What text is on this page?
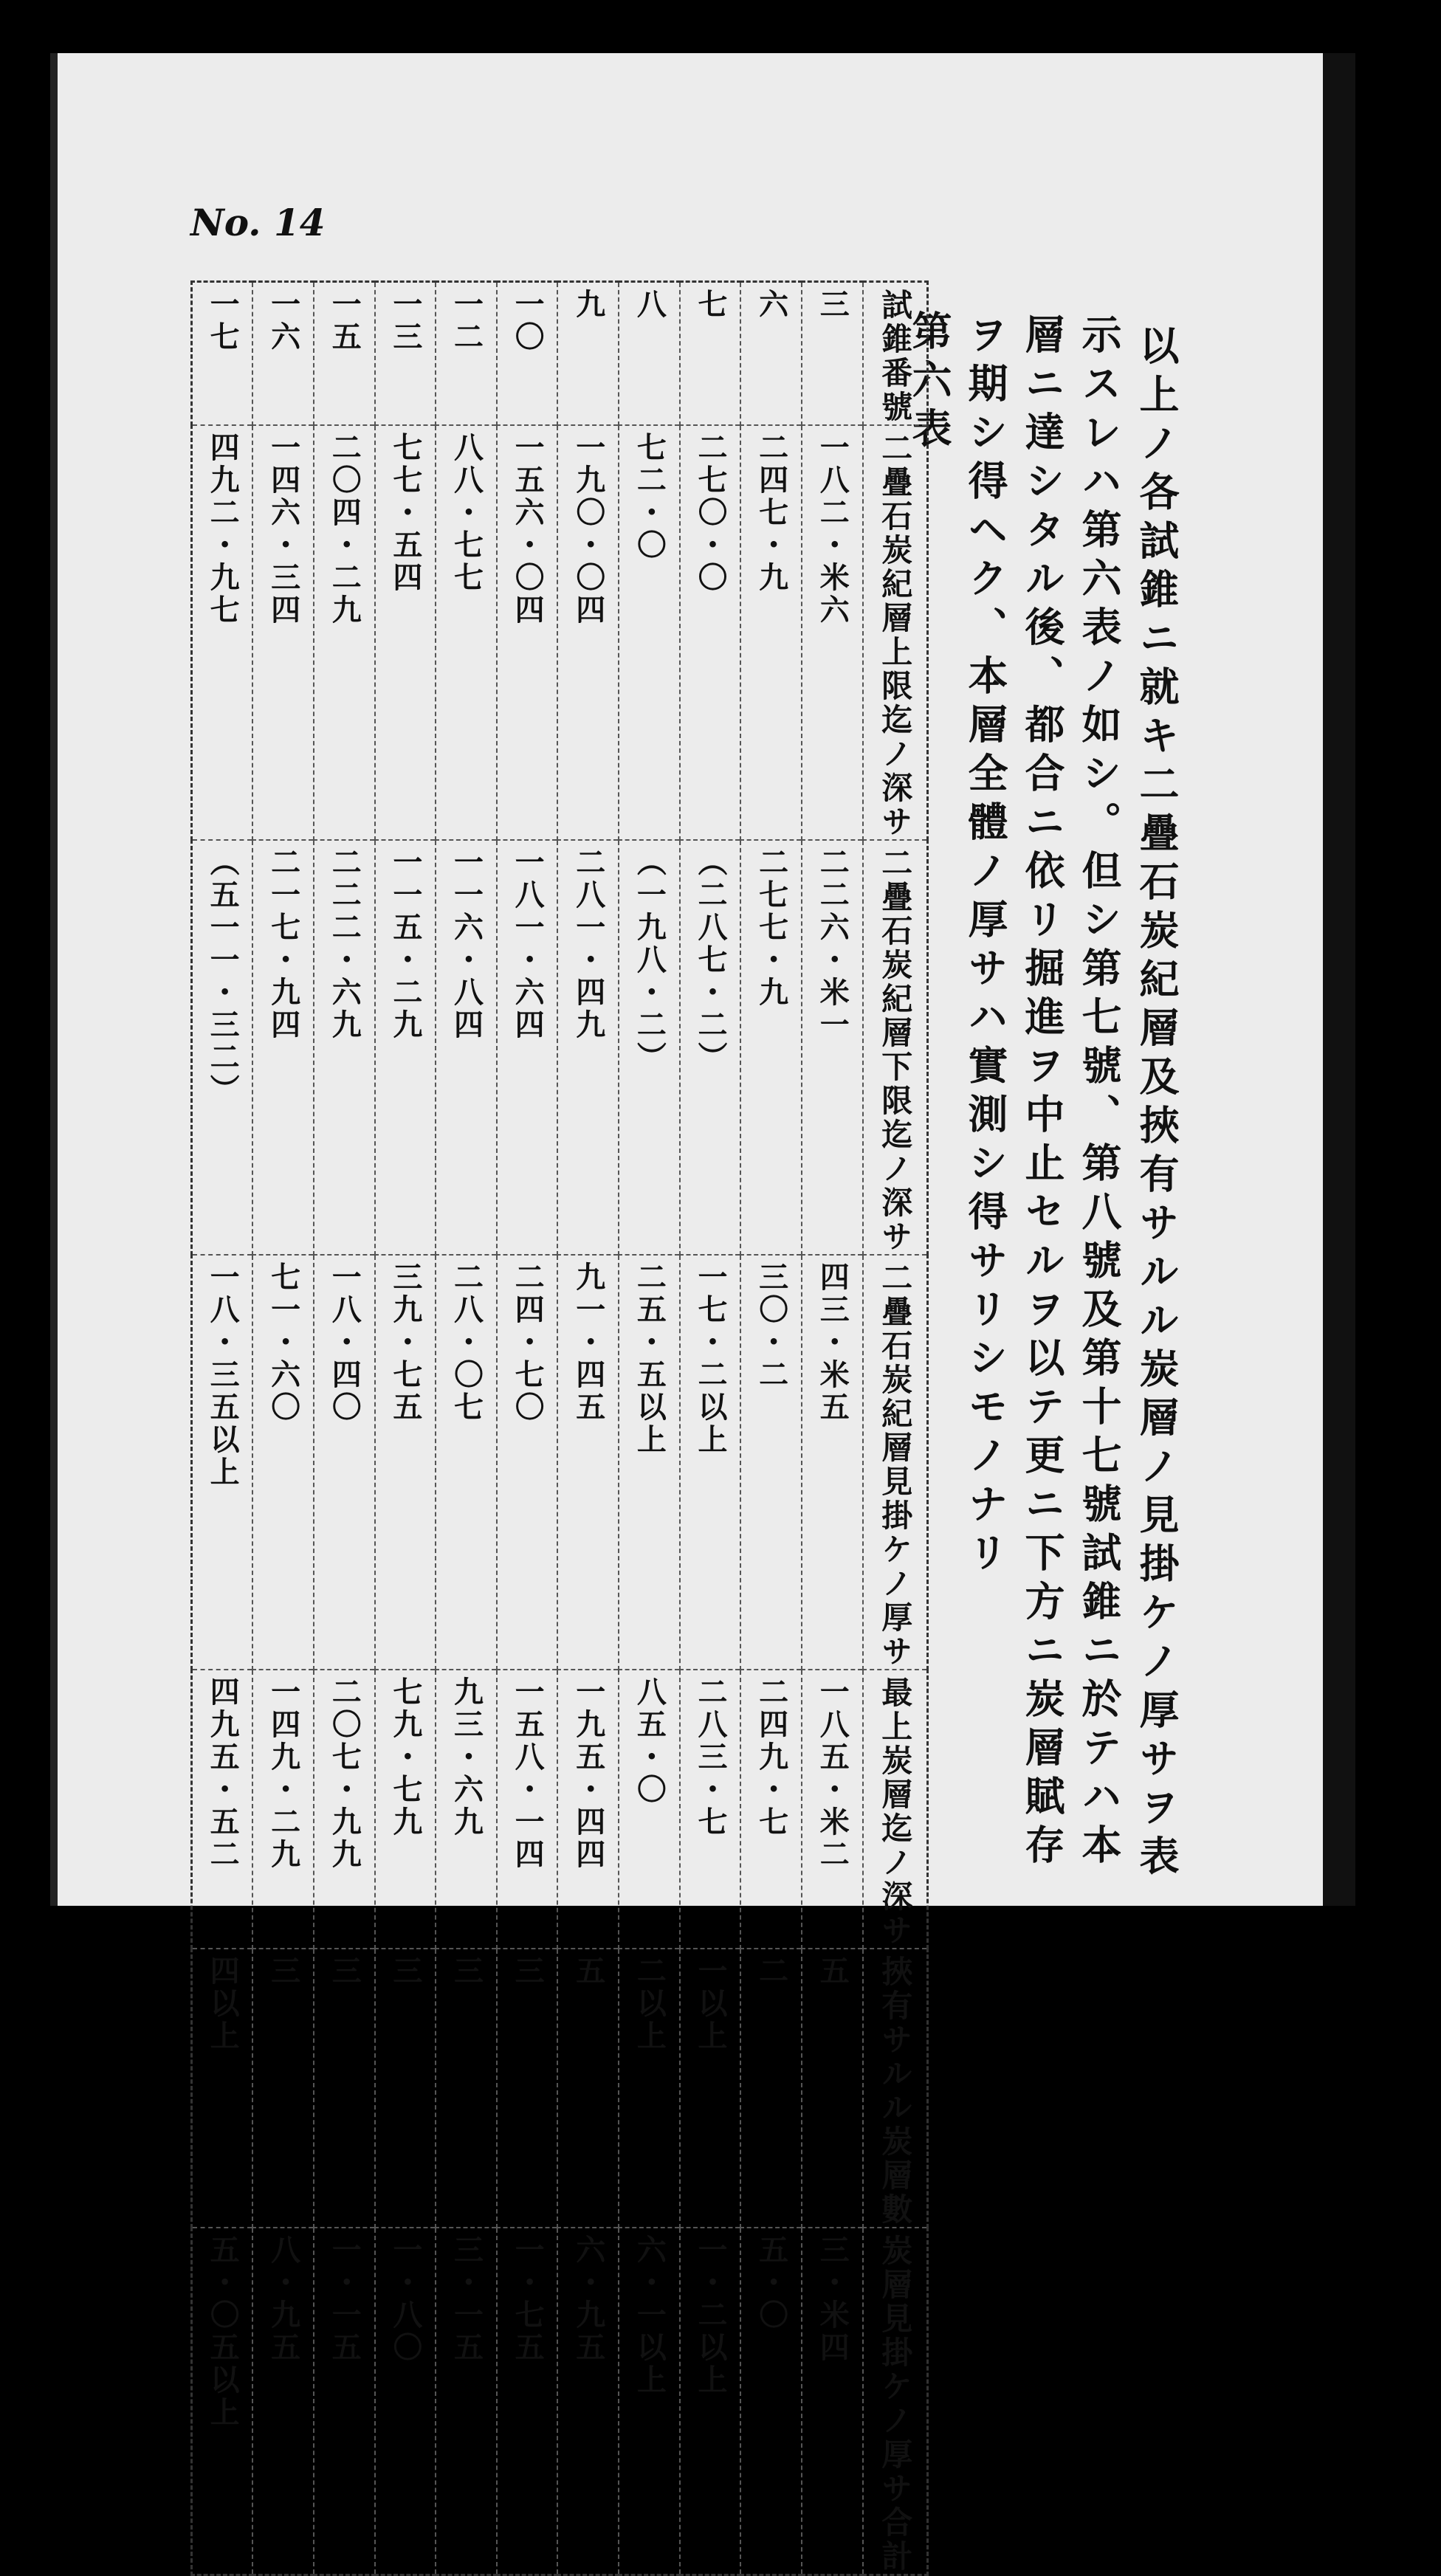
No. 14
以上ノ各試錐ニ就キ二疊石炭紀層及挾有サルル炭層ノ見掛ケノ厚サヲ表
示スレハ第六表ノ如シ。但シ第七號、第八號及第十七號試錐ニ於テハ本
層ニ達シタル後、都合ニ依リ掘進ヲ中止セルヲ以テ更ニ下方ニ炭層賦存
ヲ期シ得ヘク、本層全體ノ厚サハ實測シ得サリシモノナリ
第六表
試錐番號	三	六	七	八	九	一〇	一二	一三	一五	一六	一七

二疊石炭紀層上限迄ノ深サ	一八二・米六	二四七・九	二七〇・〇	七二・〇	一九〇・〇四	一五六・〇四	八八・七七	七七・五四	二〇四・二九	一四六・三四	四九二・九七

二疊石炭紀層下限迄ノ深サ	二二六・米一	二七七・九	（二八七・二）	（一九八・二）	二八一・四九	一八一・六四	一一六・八四	一一五・二九	二二二・六九	二一七・九四	（五一一・三二）

二疊石炭紀層見掛ケノ厚サ	四三・米五	三〇・二	一七・二以上	二五・五以上	九一・四五	二四・七〇	二八・〇七	三九・七五	一八・四〇	七一・六〇	一八・三五以上

最上炭層迄ノ深サ	一八五・米二	二四九・七	二八三・七	八五・〇	一九五・四四	一五八・一四	九三・六九	七九・七九	二〇七・九九	一四九・二九	四九五・五二

挾有サルル炭層數	五	二	一以上	二以上	五	三	三	三	三	三	四以上

炭層見掛ケノ厚サ合計	三・米四	五・〇	一・二以上	六・一以上	六・九五	一・七五	三・一五	一・八〇	一・一五	八・九五	五・〇五以上
